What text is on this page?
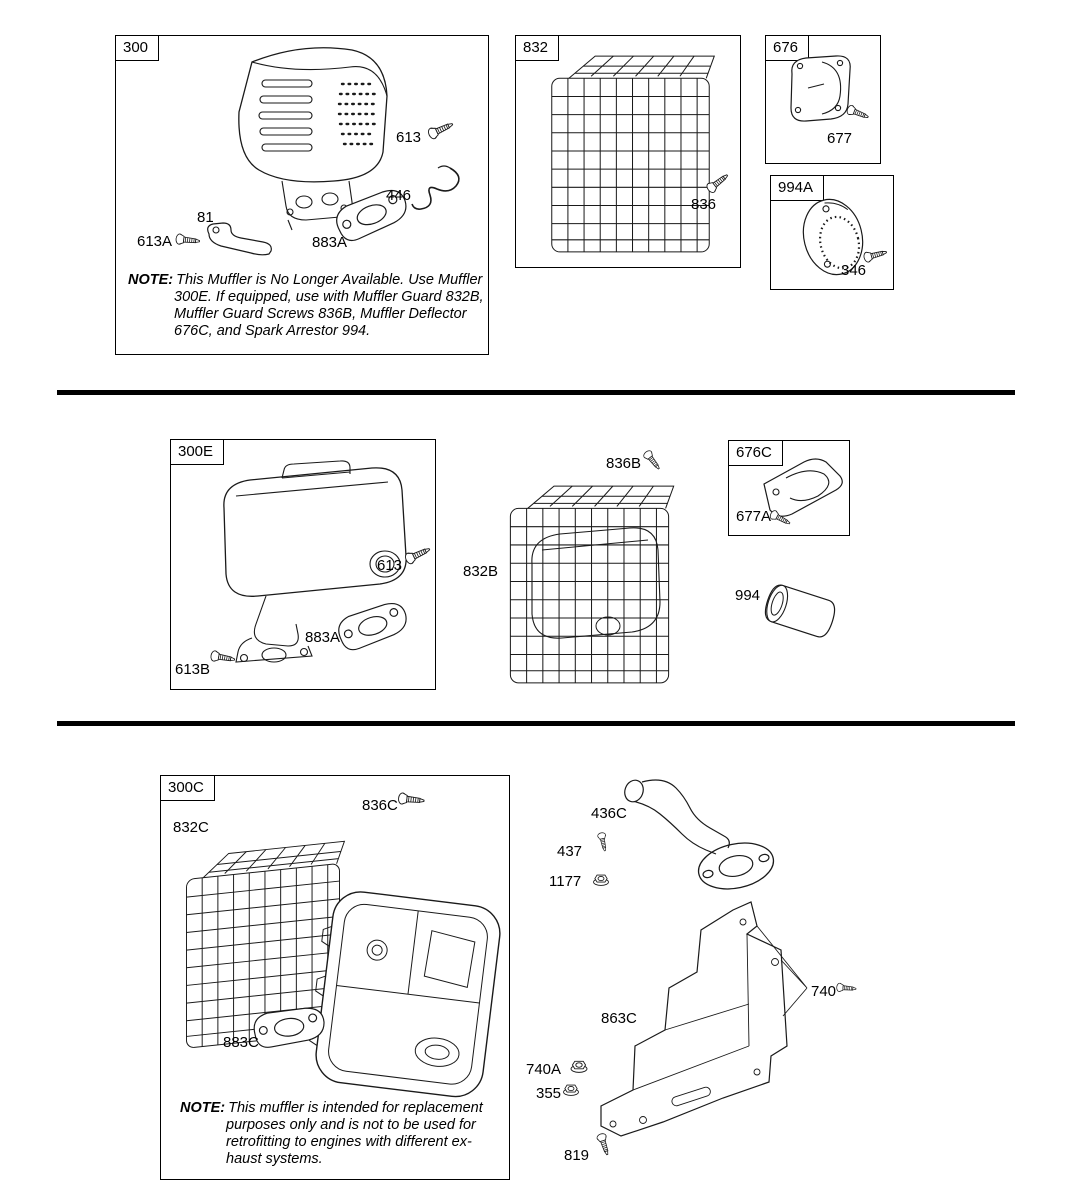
300	832	676
994A
613
446
81
613A	883A
836
677
346
NOTE: This Muffler is No Longer Available. Use Muffler
300E. If equipped, use with Muffler Guard 832B,
Muffler Guard Screws 836B, Muffler Deflector
676C, and Spark Arrestor 994.
300E	676C
613
883A
613B
836B
832B
677A
994
300C
836C
832C
883C
436C
437
1177
863C
740
740A
355
819
NOTE: This muffler is intended for replacement
purposes only and is not to be used for
retrofitting to engines with different ex-
haust systems.
